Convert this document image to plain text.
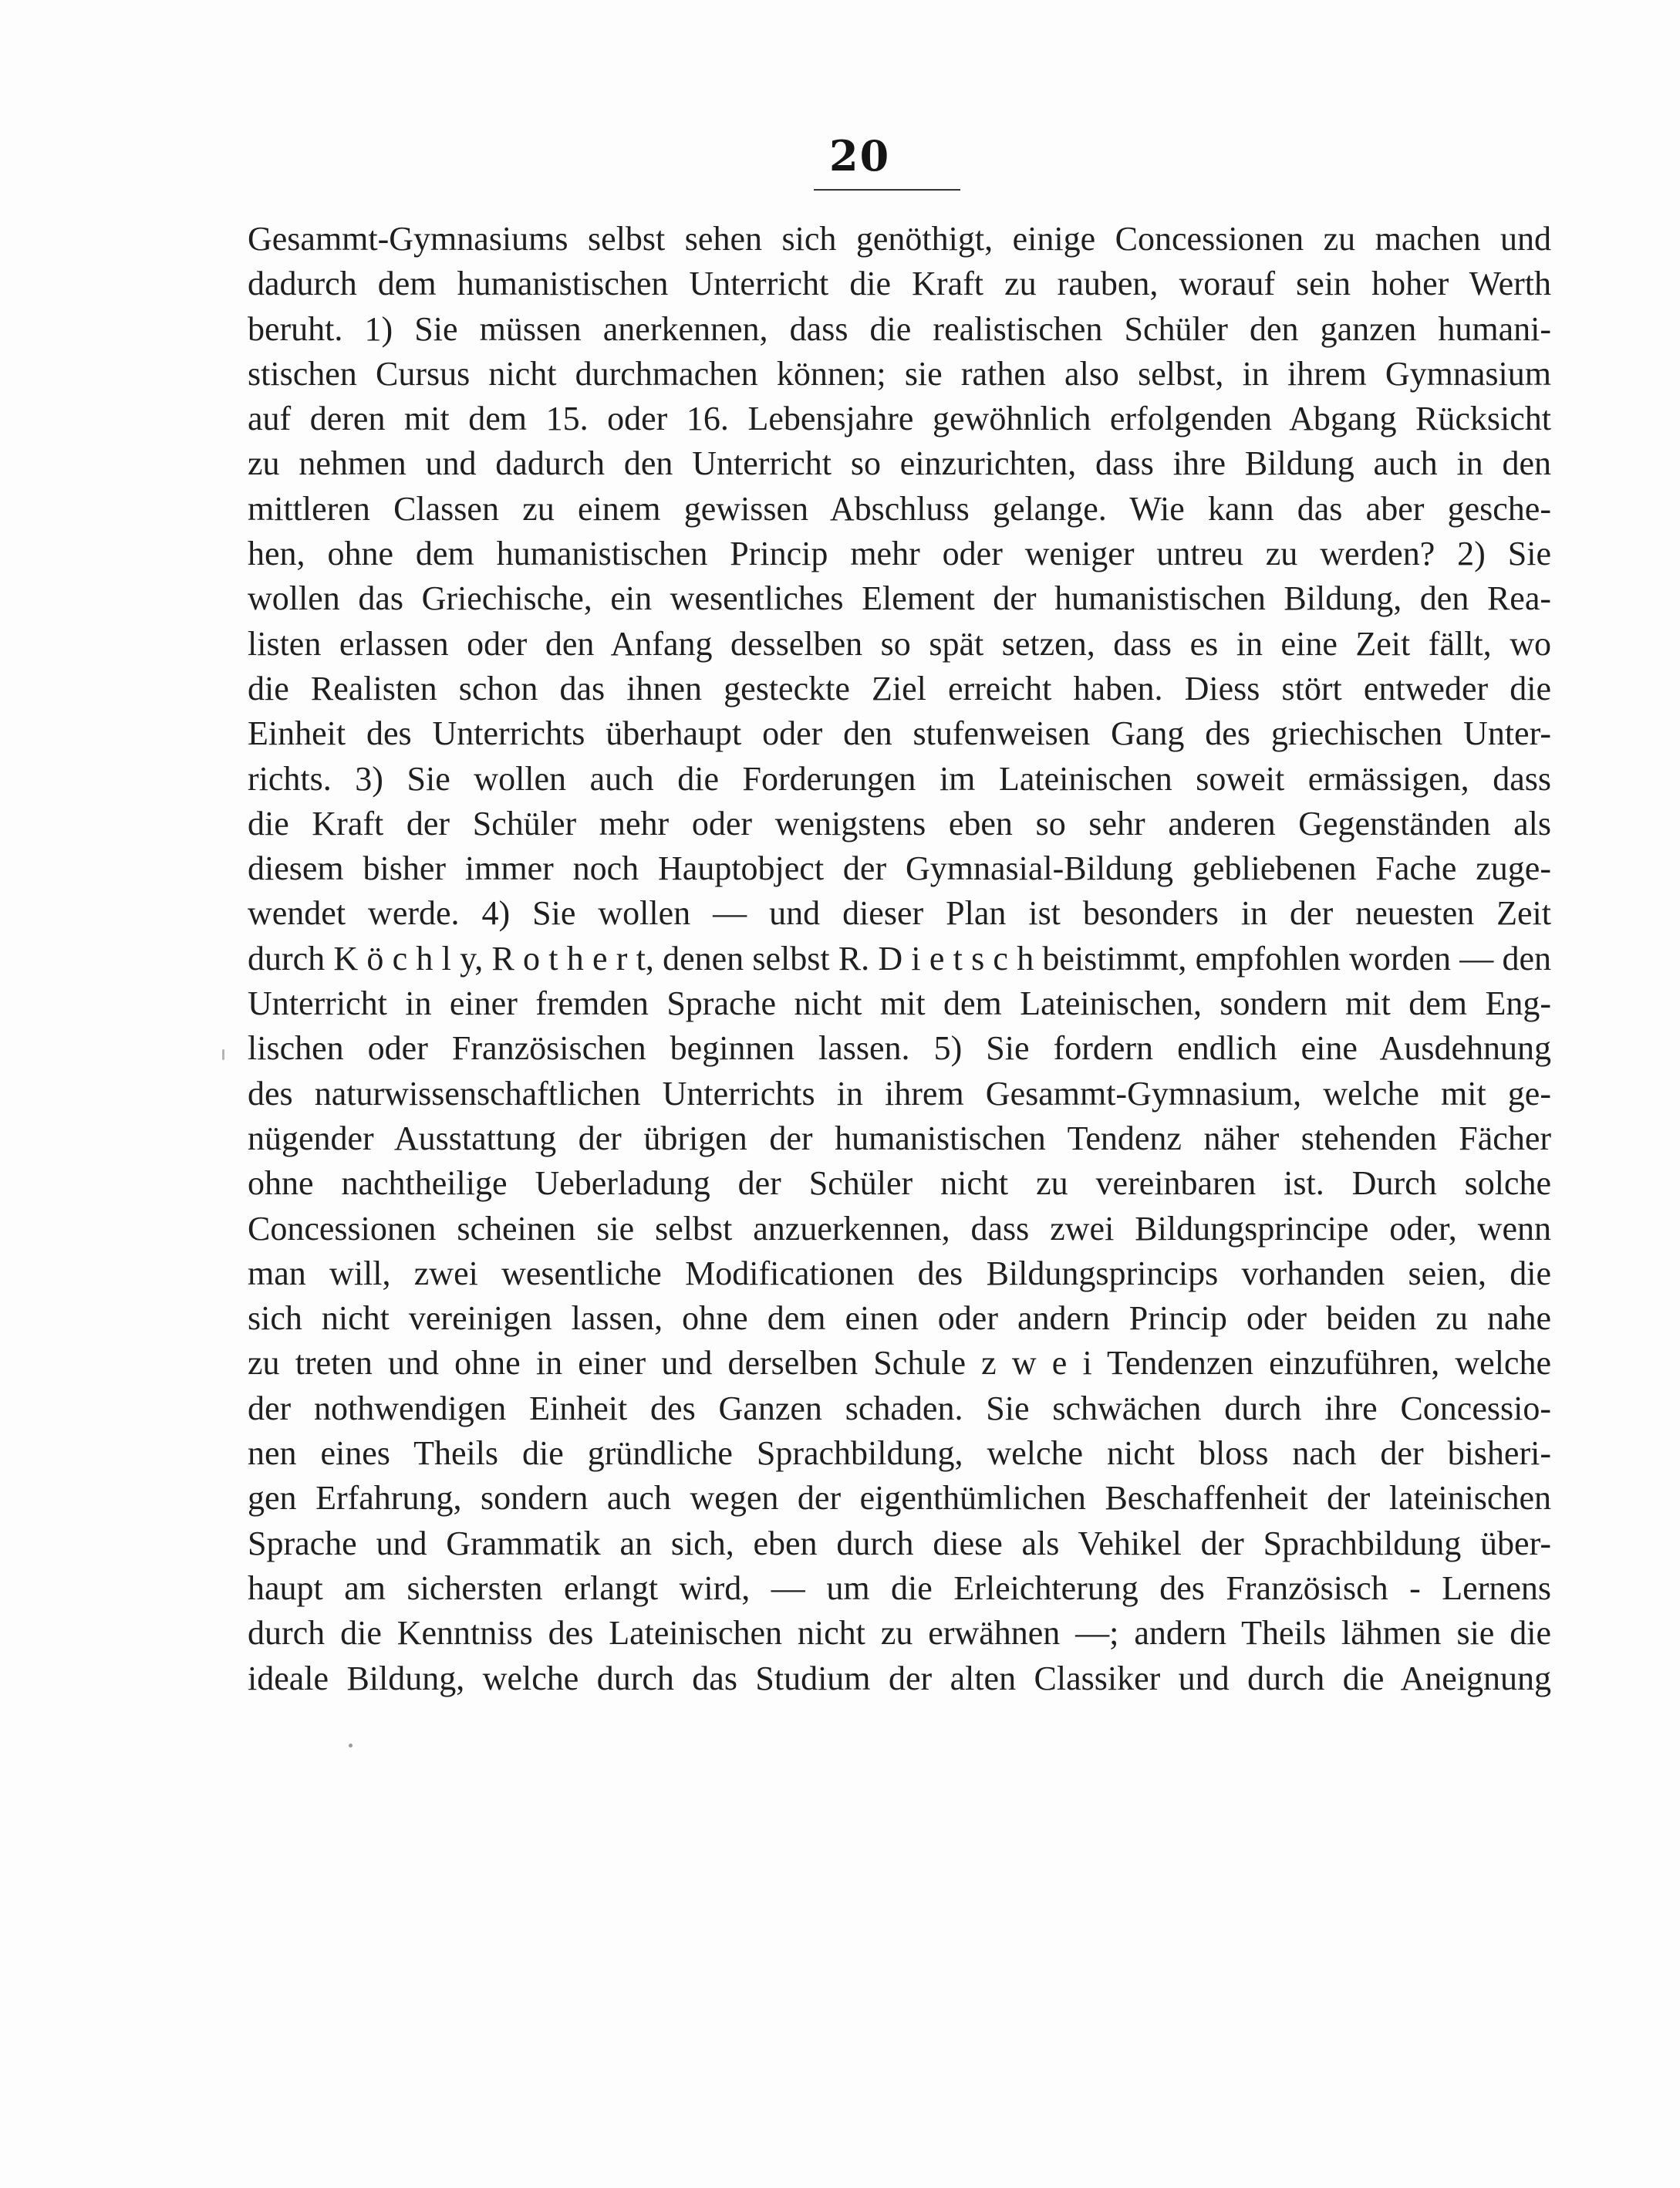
20
Gesammt-Gymnasiums selbst sehen sich genöthigt, einige Concessionen zu machen und
dadurch dem humanistischen Unterricht die Kraft zu rauben, worauf sein hoher Werth
beruht. 1) Sie müssen anerkennen, dass die realistischen Schüler den ganzen humani-
stischen Cursus nicht durchmachen können; sie rathen also selbst, in ihrem Gymnasium
auf deren mit dem 15. oder 16. Lebensjahre gewöhnlich erfolgenden Abgang Rücksicht
zu nehmen und dadurch den Unterricht so einzurichten, dass ihre Bildung auch in den
mittleren Classen zu einem gewissen Abschluss gelange. Wie kann das aber gesche-
hen, ohne dem humanistischen Princip mehr oder weniger untreu zu werden? 2) Sie
wollen das Griechische, ein wesentliches Element der humanistischen Bildung, den Rea-
listen erlassen oder den Anfang desselben so spät setzen, dass es in eine Zeit fällt, wo
die Realisten schon das ihnen gesteckte Ziel erreicht haben. Diess stört entweder die
Einheit des Unterrichts überhaupt oder den stufenweisen Gang des griechischen Unter-
richts. 3) Sie wollen auch die Forderungen im Lateinischen soweit ermässigen, dass
die Kraft der Schüler mehr oder wenigstens eben so sehr anderen Gegenständen als
diesem bisher immer noch Hauptobject der Gymnasial-Bildung gebliebenen Fache zuge-
wendet werde. 4) Sie wollen — und dieser Plan ist besonders in der neuesten Zeit
durch K ö c h l y, R o t h e r t, denen selbst R. D i e t s c h beistimmt, empfohlen worden — den
Unterricht in einer fremden Sprache nicht mit dem Lateinischen, sondern mit dem Eng-
lischen oder Französischen beginnen lassen. 5) Sie fordern endlich eine Ausdehnung
des naturwissenschaftlichen Unterrichts in ihrem Gesammt-Gymnasium, welche mit ge-
nügender Ausstattung der übrigen der humanistischen Tendenz näher stehenden Fächer
ohne nachtheilige Ueberladung der Schüler nicht zu vereinbaren ist. Durch solche
Concessionen scheinen sie selbst anzuerkennen, dass zwei Bildungsprincipe oder, wenn
man will, zwei wesentliche Modificationen des Bildungsprincips vorhanden seien, die
sich nicht vereinigen lassen, ohne dem einen oder andern Princip oder beiden zu nahe
zu treten und ohne in einer und derselben Schule z w e i Tendenzen einzuführen, welche
der nothwendigen Einheit des Ganzen schaden. Sie schwächen durch ihre Concessio-
nen eines Theils die gründliche Sprachbildung, welche nicht bloss nach der bisheri-
gen Erfahrung, sondern auch wegen der eigenthümlichen Beschaffenheit der lateinischen
Sprache und Grammatik an sich, eben durch diese als Vehikel der Sprachbildung über-
haupt am sichersten erlangt wird, — um die Erleichterung des Französisch - Lernens
durch die Kenntniss des Lateinischen nicht zu erwähnen —; andern Theils lähmen sie die
ideale Bildung, welche durch das Studium der alten Classiker und durch die Aneignung
